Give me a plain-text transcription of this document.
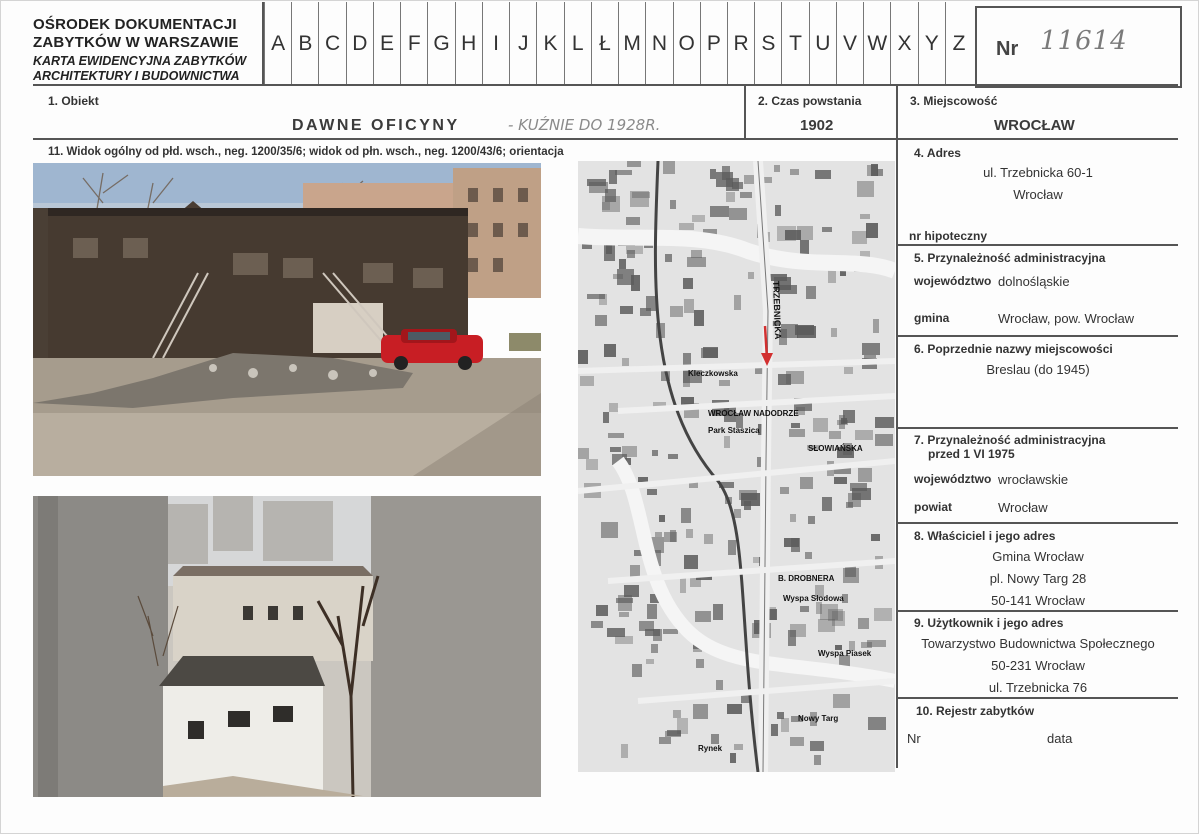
OŚRODEK DOKUMENTACJI
ZABYTKÓW W WARSZAWIE
KARTA EWIDENCYJNA ZABYTKÓW
ARCHITEKTURY I BUDOWNICTWA
A B C D E F G H I J K L Ł M N O P R S T U V W X Y Z	Nr 11614
1. Obiekt
DAWNE OFICYNY	- KUŹNIE DO 1928R.
2. Czas powstania
1902
3. Miejscowość
WROCŁAW
11. Widok ogólny od płd. wsch., neg. 1200/35/6; widok od płn. wsch., neg. 1200/43/6; orientacja
WROCŁAW NADODRZE
Park Staszica
SŁOWIAŃSKA
B. DROBNERA
Wyspa Słodowa
Wyspa Piasek
Nowy Targ
Rynek
Kleczkowska
TRZEBNICKA
4. Adres
ul. Trzebnicka 60-1
Wrocław
nr hipoteczny
5. Przynależność administracyjna
województwo dolnośląskie
gmina	Wrocław, pow. Wrocław
6. Poprzednie nazwy miejscowości
Breslau (do 1945)
7. Przynależność administracyjna
przed 1 VI 1975
województwo wrocławskie
powiat	Wrocław
8. Właściciel i jego adres
Gmina Wrocław
pl. Nowy Targ 28
50-141 Wrocław
9. Użytkownik i jego adres
Towarzystwo Budownictwa Społecznego
50-231 Wrocław
ul. Trzebnicka 76
10. Rejestr zabytków
Nr	data
